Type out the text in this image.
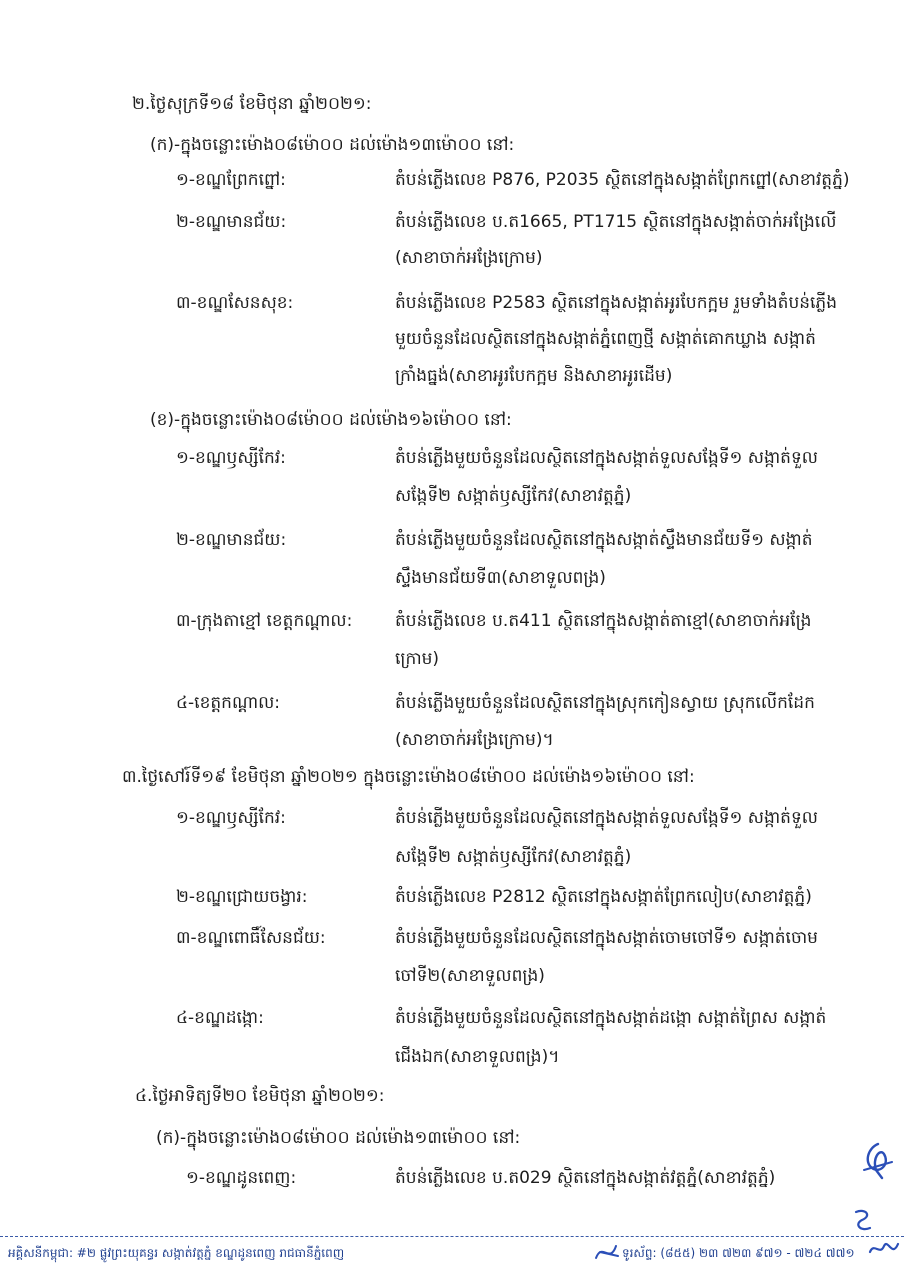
២.ថ្ងៃសុក្រទី១៨ ខែមិថុនា ឆ្នាំ២០២១:
(ក)-ក្នុងចន្លោះម៉ោង០៨ម៉ោ០០ ដល់ម៉ោង១៣ម៉ោ០០ នៅ:
១-ខណ្ឌព្រែកព្នៅ:	តំបន់ភ្លើងលេខ P876, P2035 ស្ថិតនៅក្នុងសង្កាត់ព្រែកព្នៅ(សាខាវត្តភ្នំ)
២-ខណ្ឌមានជ័យ:	តំបន់ភ្លើងលេខ ប.ត1665, PT1715 ស្ថិតនៅក្នុងសង្កាត់ចាក់អង្រែលើ
(សាខាចាក់អង្រែក្រោម)
៣-ខណ្ឌសែនសុខ:	តំបន់ភ្លើងលេខ P2583 ស្ថិតនៅក្នុងសង្កាត់អូរបែកក្អម រួមទាំងតំបន់ភ្លើង
មួយចំនួនដែលស្ថិតនៅក្នុងសង្កាត់ភ្នំពេញថ្មី សង្កាត់គោកឃ្លាង សង្កាត់
ក្រាំងធ្នង់(សាខាអូរបែកក្អម និងសាខាអូរដើម)
(ខ)-ក្នុងចន្លោះម៉ោង០៨ម៉ោ០០ ដល់ម៉ោង១៦ម៉ោ០០ នៅ:
១-ខណ្ឌឫស្សីកែវ:	តំបន់ភ្លើងមួយចំនួនដែលស្ថិតនៅក្នុងសង្កាត់ទួលសង្កែទី១ សង្កាត់ទួល
សង្កែទី២ សង្កាត់ឫស្សីកែវ(សាខាវត្តភ្នំ)
២-ខណ្ឌមានជ័យ:	តំបន់ភ្លើងមួយចំនួនដែលស្ថិតនៅក្នុងសង្កាត់ស្ទឹងមានជ័យទី១ សង្កាត់
ស្ទឹងមានជ័យទី៣(សាខាទួលពង្រ)
៣-ក្រុងតាខ្មៅ ខេត្តកណ្តាល:	តំបន់ភ្លើងលេខ ប.ត411 ស្ថិតនៅក្នុងសង្កាត់តាខ្មៅ(សាខាចាក់អង្រែ
ក្រោម)
៤-ខេត្តកណ្តាល:	តំបន់ភ្លើងមួយចំនួនដែលស្ថិតនៅក្នុងស្រុកកៀនស្វាយ ស្រុកលើកដែក
(សាខាចាក់អង្រែក្រោម)។
៣.ថ្ងៃសៅរ៍ទី១៩ ខែមិថុនា ឆ្នាំ២០២១ ក្នុងចន្លោះម៉ោង០៨ម៉ោ០០ ដល់ម៉ោង១៦ម៉ោ០០ នៅ:
១-ខណ្ឌឫស្សីកែវ:	តំបន់ភ្លើងមួយចំនួនដែលស្ថិតនៅក្នុងសង្កាត់ទួលសង្កែទី១ សង្កាត់ទួល
សង្កែទី២ សង្កាត់ឫស្សីកែវ(សាខាវត្តភ្នំ)
២-ខណ្ឌជ្រោយចង្វារ:	តំបន់ភ្លើងលេខ P2812 ស្ថិតនៅក្នុងសង្កាត់ព្រែកលៀប(សាខាវត្តភ្នំ)
៣-ខណ្ឌពោធិ៍សែនជ័យ:	តំបន់ភ្លើងមួយចំនួនដែលស្ថិតនៅក្នុងសង្កាត់ចោមចៅទី១ សង្កាត់ចោម
ចៅទី២(សាខាទួលពង្រ)
៤-ខណ្ឌដង្កោ:	តំបន់ភ្លើងមួយចំនួនដែលស្ថិតនៅក្នុងសង្កាត់ដង្កោ សង្កាត់ព្រៃស សង្កាត់
ជើងឯក(សាខាទួលពង្រ)។
៤.ថ្ងៃអាទិត្យទី២០ ខែមិថុនា ឆ្នាំ២០២១:
(ក)-ក្នុងចន្លោះម៉ោង០៨ម៉ោ០០ ដល់ម៉ោង១៣ម៉ោ០០ នៅ:
១-ខណ្ឌដូនពេញ:	តំបន់ភ្លើងលេខ ប.ត029 ស្ថិតនៅក្នុងសង្កាត់វត្តភ្នំ(សាខាវត្តភ្នំ)
អគ្គិសនីកម្ពុជា: #២ ផ្លូវព្រះយុគន្ធរ សង្កាត់វត្តភ្នំ ខណ្ឌដូនពេញ រាជធានីភ្នំពេញ	ទូរស័ព្ទ: (៨៥៥) ២៣ ៧២៣ ៩៧១ - ៧២៤ ៧៧១
